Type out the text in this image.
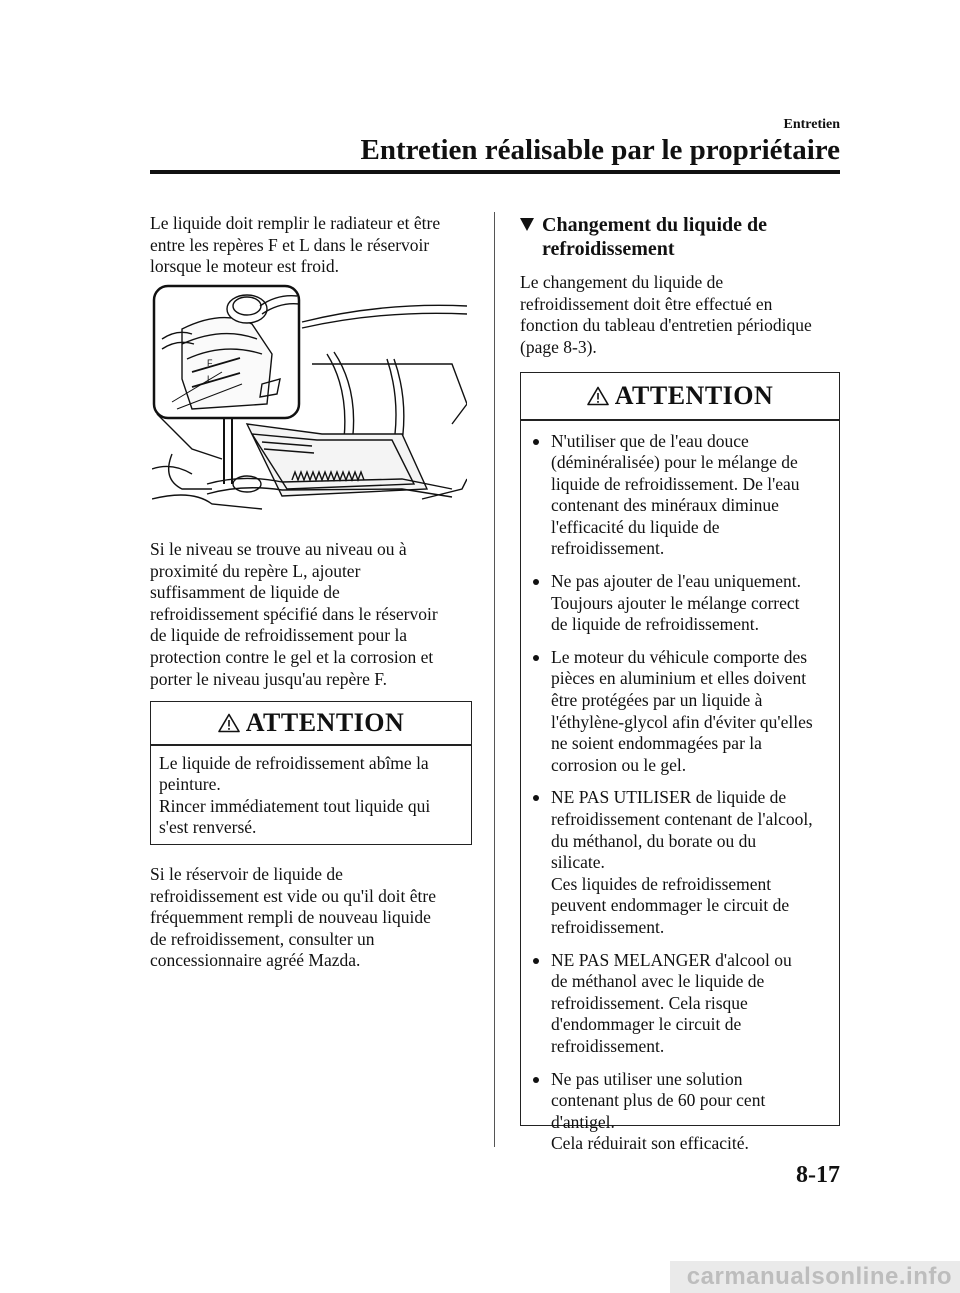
Entretien
Entretien réalisable par le propriétaire

Le liquide doit remplir le radiateur et être
entre les repères F et L dans le réservoir
lorsque le moteur est froid.

F
L

Si le niveau se trouve au niveau ou à
proximité du repère L, ajouter
suffisamment de liquide de
refroidissement spécifié dans le réservoir
de liquide de refroidissement pour la
protection contre le gel et la corrosion et
porter le niveau jusqu'au repère F.

ATTENTION

Le liquide de refroidissement abîme la
peinture.
Rincer immédiatement tout liquide qui
s'est renversé.

Si le réservoir de liquide de
refroidissement est vide ou qu'il doit être
fréquemment rempli de nouveau liquide
de refroidissement, consulter un
concessionnaire agréé Mazda.

Changement du liquide de
refroidissement

Le changement du liquide de
refroidissement doit être effectué en
fonction du tableau d'entretien périodique
(page 8-3).

ATTENTION
N'utiliser que de l'eau douce
(déminéralisée) pour le mélange de
liquide de refroidissement. De l'eau
contenant des minéraux diminue
l'efficacité du liquide de
refroidissement.
Ne pas ajouter de l'eau uniquement.
Toujours ajouter le mélange correct
de liquide de refroidissement.
Le moteur du véhicule comporte des
pièces en aluminium et elles doivent
être protégées par un liquide à
l'éthylène-glycol afin d'éviter qu'elles
ne soient endommagées par la
corrosion ou le gel.
NE PAS UTILISER de liquide de
refroidissement contenant de l'alcool,
du méthanol, du borate ou du
silicate.
Ces liquides de refroidissement
peuvent endommager le circuit de
refroidissement.
NE PAS MELANGER d'alcool ou
de méthanol avec le liquide de
refroidissement. Cela risque
d'endommager le circuit de
refroidissement.
Ne pas utiliser une solution
contenant plus de 60 pour cent
d'antigel.
Cela réduirait son efficacité.
8-17
carmanualsonline.info
